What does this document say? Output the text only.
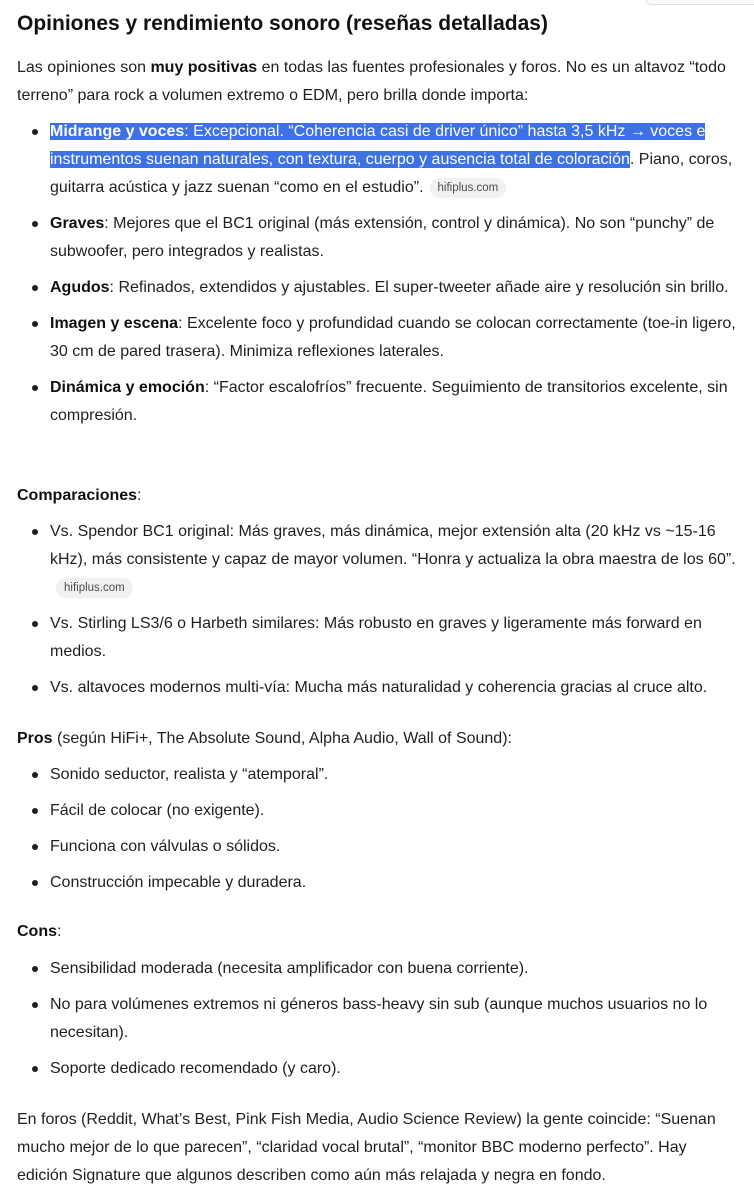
Opiniones y rendimiento sonoro (reseñas detalladas)

Las opiniones son muy positivas en todas las fuentes profesionales y foros. No es un altavoz “todo terreno” para rock a volumen extremo o EDM, pero brilla donde importa:

Midrange y voces: Excepcional. “Coherencia casi de driver único” hasta 3,5 kHz → voces e instrumentos suenan naturales, con textura, cuerpo y ausencia total de coloración. Piano, coros, guitarra acústica y jazz suenan “como en el estudio”. hifiplus.com
Graves: Mejores que el BC1 original (más extensión, control y dinámica). No son “punchy” de subwoofer, pero integrados y realistas.
Agudos: Refinados, extendidos y ajustables. El super-tweeter añade aire y resolución sin brillo.
Imagen y escena: Excelente foco y profundidad cuando se colocan correctamente (toe-in ligero, 30 cm de pared trasera). Minimiza reflexiones laterales.
Dinámica y emoción: “Factor escalofríos” frecuente. Seguimiento de transitorios excelente, sin compresión.

Comparaciones:

Vs. Spendor BC1 original: Más graves, más dinámica, mejor extensión alta (20 kHz vs ~15-16 kHz), más consistente y capaz de mayor volumen. “Honra y actualiza la obra maestra de los 60”.hifiplus.com
Vs. Stirling LS3/6 o Harbeth similares: Más robusto en graves y ligeramente más forward en medios.
Vs. altavoces modernos multi-vía: Mucha más naturalidad y coherencia gracias al cruce alto.

Pros (según HiFi+, The Absolute Sound, Alpha Audio, Wall of Sound):

Sonido seductor, realista y “atemporal”.
Fácil de colocar (no exigente).
Funciona con válvulas o sólidos.
Construcción impecable y duradera.

Cons:

Sensibilidad moderada (necesita amplificador con buena corriente).
No para volúmenes extremos ni géneros bass-heavy sin sub (aunque muchos usuarios no lo necesitan).
Soporte dedicado recomendado (y caro).

En foros (Reddit, What’s Best, Pink Fish Media, Audio Science Review) la gente coincide: “Suenan mucho mejor de lo que parecen”, “claridad vocal brutal”, “monitor BBC moderno perfecto”. Hay edición Signature que algunos describen como aún más relajada y negra en fondo.
